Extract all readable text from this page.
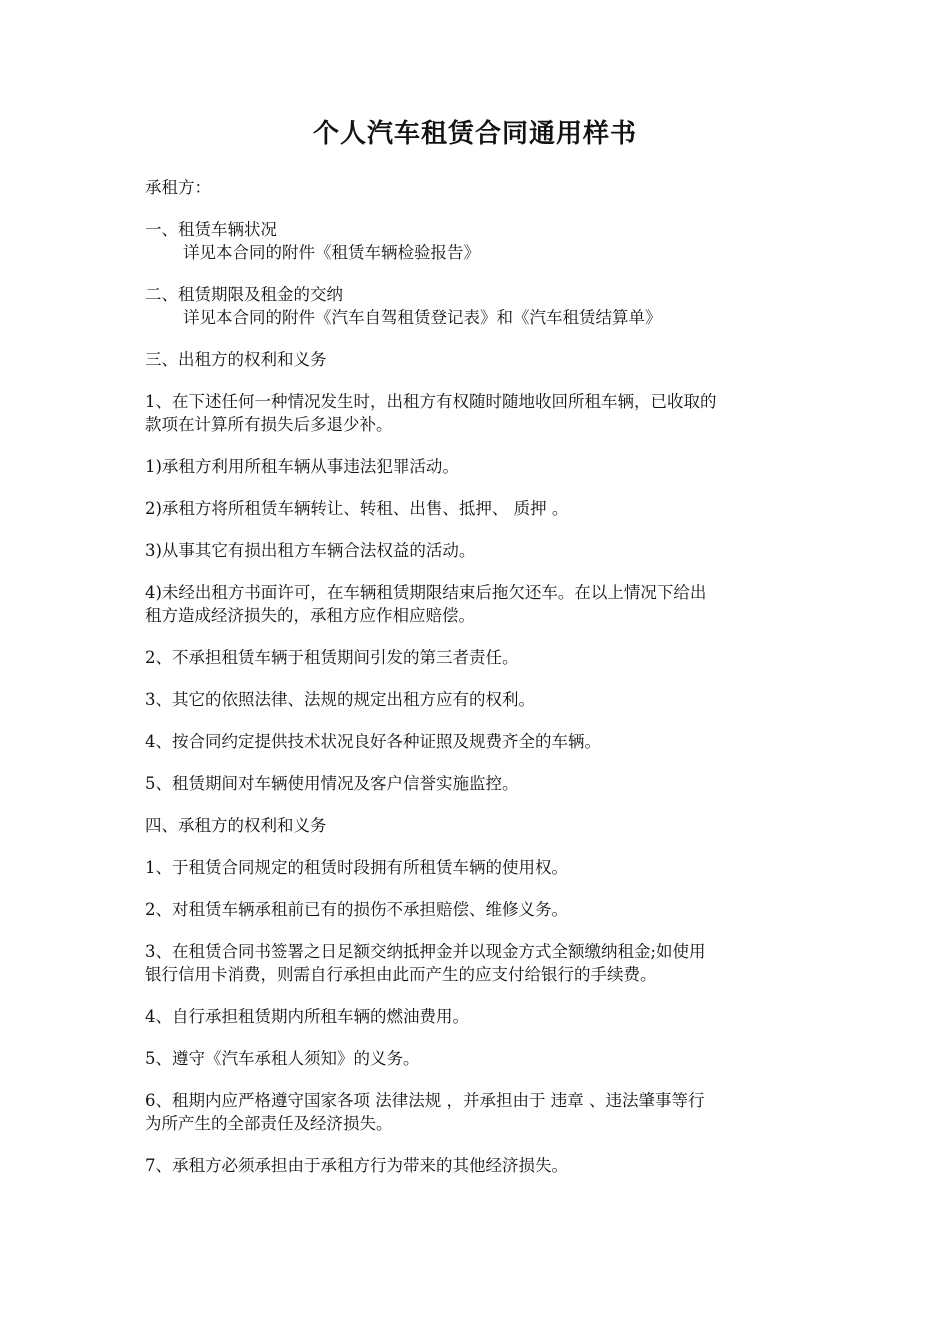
个人汽车租赁合同通用样书
承租方：
一、租赁车辆状况
详见本合同的附件《租赁车辆检验报告》
二、租赁期限及租金的交纳
详见本合同的附件《汽车自驾租赁登记表》和《汽车租赁结算单》
三、出租方的权利和义务
1、在下述任何一种情况发生时，出租方有权随时随地收回所租车辆，已收取的
款项在计算所有损失后多退少补。
1)承租方利用所租车辆从事违法犯罪活动。
2)承租方将所租赁车辆转让、转租、出售、抵押、 质押 。
3)从事其它有损出租方车辆合法权益的活动。
4)未经出租方书面许可，在车辆租赁期限结束后拖欠还车。在以上情况下给出
租方造成经济损失的，承租方应作相应赔偿。
2、不承担租赁车辆于租赁期间引发的第三者责任。
3、其它的依照法律、法规的规定出租方应有的权利。
4、按合同约定提供技术状况良好各种证照及规费齐全的车辆。
5、租赁期间对车辆使用情况及客户信誉实施监控。
四、承租方的权利和义务
1、于租赁合同规定的租赁时段拥有所租赁车辆的使用权。
2、对租赁车辆承租前已有的损伤不承担赔偿、维修义务。
3、在租赁合同书签署之日足额交纳抵押金并以现金方式全额缴纳租金;如使用
银行信用卡消费，则需自行承担由此而产生的应支付给银行的手续费。
4、自行承担租赁期内所租车辆的燃油费用。
5、遵守《汽车承租人须知》的义务。
6、租期内应严格遵守国家各项 法律法规 ，并承担由于 违章 、违法肇事等行
为所产生的全部责任及经济损失。
7、承租方必须承担由于承租方行为带来的其他经济损失。
